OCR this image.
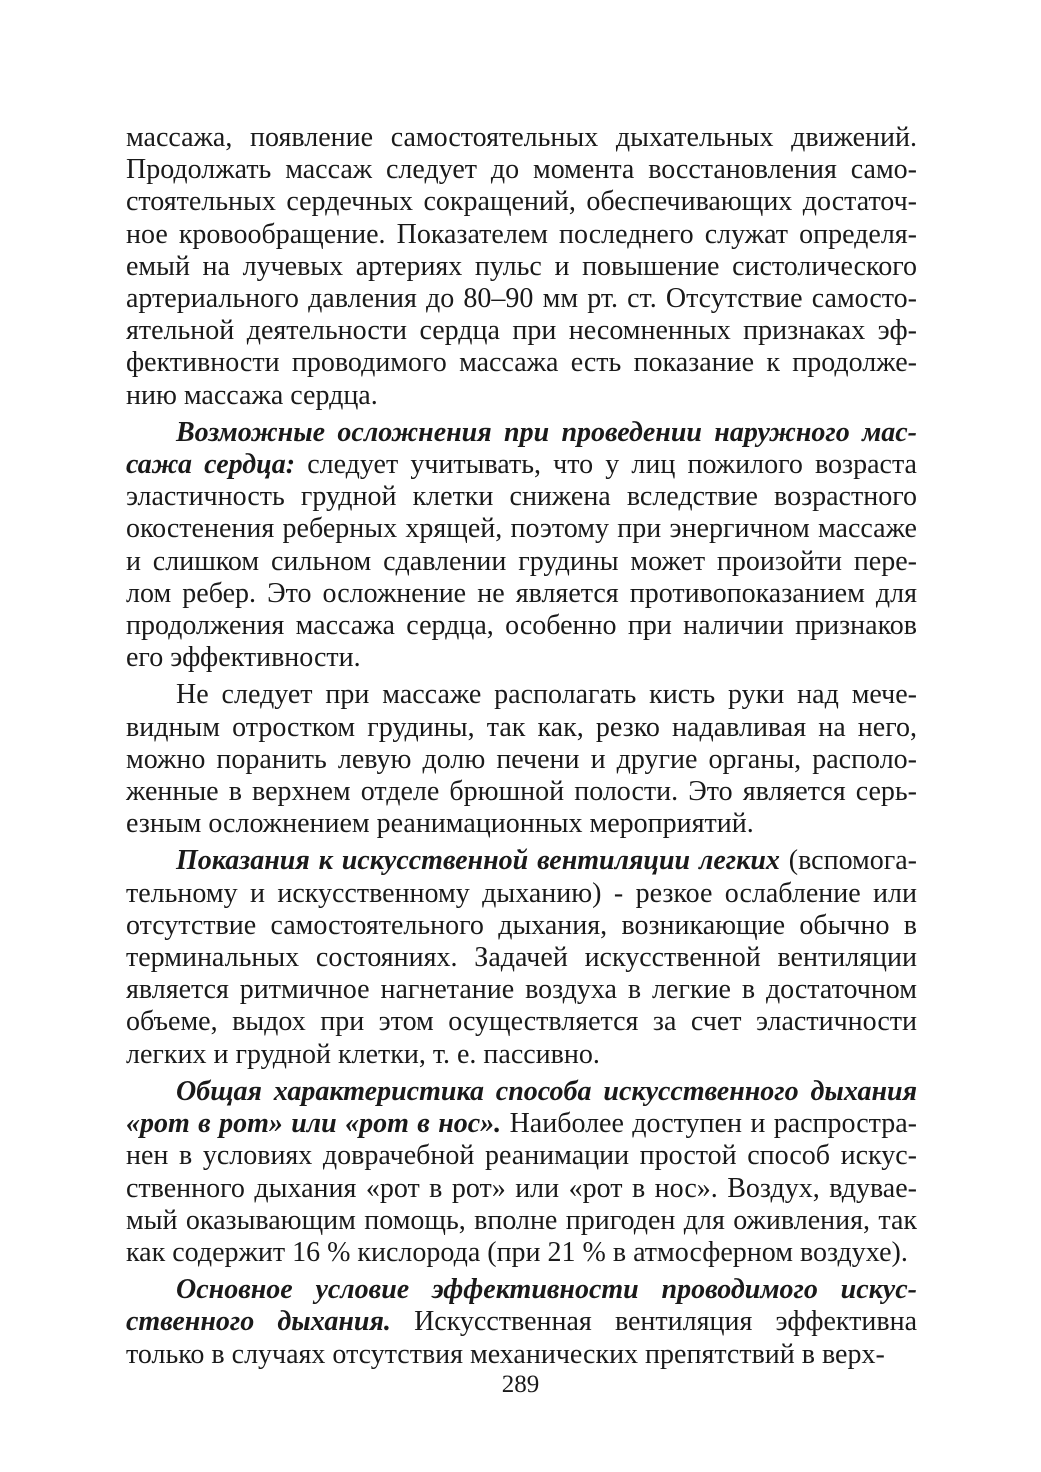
массажа, появление самостоятельных дыхательных движений. Продолжать массаж следует до момента восстановления самостоятельных сердечных сокращений, обеспечивающих достаточное кровообращение. Показателем последнего служат определяемый на лучевых артериях пульс и повышение систолического артериального давления до 80–90 мм рт. ст. Отсутствие самостоятельной деятельности сердца при несомненных признаках эффективности проводимого массажа есть показание к продолжению массажа сердца.

Возможные осложнения при проведении наружного массажа сердца: следует учитывать, что у лиц пожилого возраста эластичность грудной клетки снижена вследствие возрастного окостенения реберных хрящей, поэтому при энергичном массаже и слишком сильном сдавлении грудины может произойти перелом ребер. Это осложнение не является противопоказанием для продолжения массажа сердца, особенно при наличии признаков его эффективности.

Не следует при массаже располагать кисть руки над мечевидным отростком грудины, так как, резко надавливая на него, можно поранить левую долю печени и другие органы, расположенные в верхнем отделе брюшной полости. Это является серьезным осложнением реанимационных мероприятий.

Показания к искусственной вентиляции легких (вспомогательному и искусственному дыханию) - резкое ослабление или отсутствие самостоятельного дыхания, возникающие обычно в терминальных состояниях. Задачей искусственной вентиляции является ритмичное нагнетание воздуха в легкие в достаточном объеме, выдох при этом осуществляется за счет эластичности легких и грудной клетки, т. е. пассивно.

Общая характеристика способа искусственного дыхания «рот в рот» или «рот в нос». Наиболее доступен и распространен в условиях доврачебной реанимации простой способ искусственного дыхания «рот в рот» или «рот в нос». Воздух, вдуваемый оказывающим помощь, вполне пригоден для оживления, так как содержит 16 % кислорода (при 21 % в атмосферном воздухе).

Основное условие эффективности проводимого искусственного дыхания. Искусственная вентиляция эффективна только в случаях отсутствия механических препятствий в верх-

289
